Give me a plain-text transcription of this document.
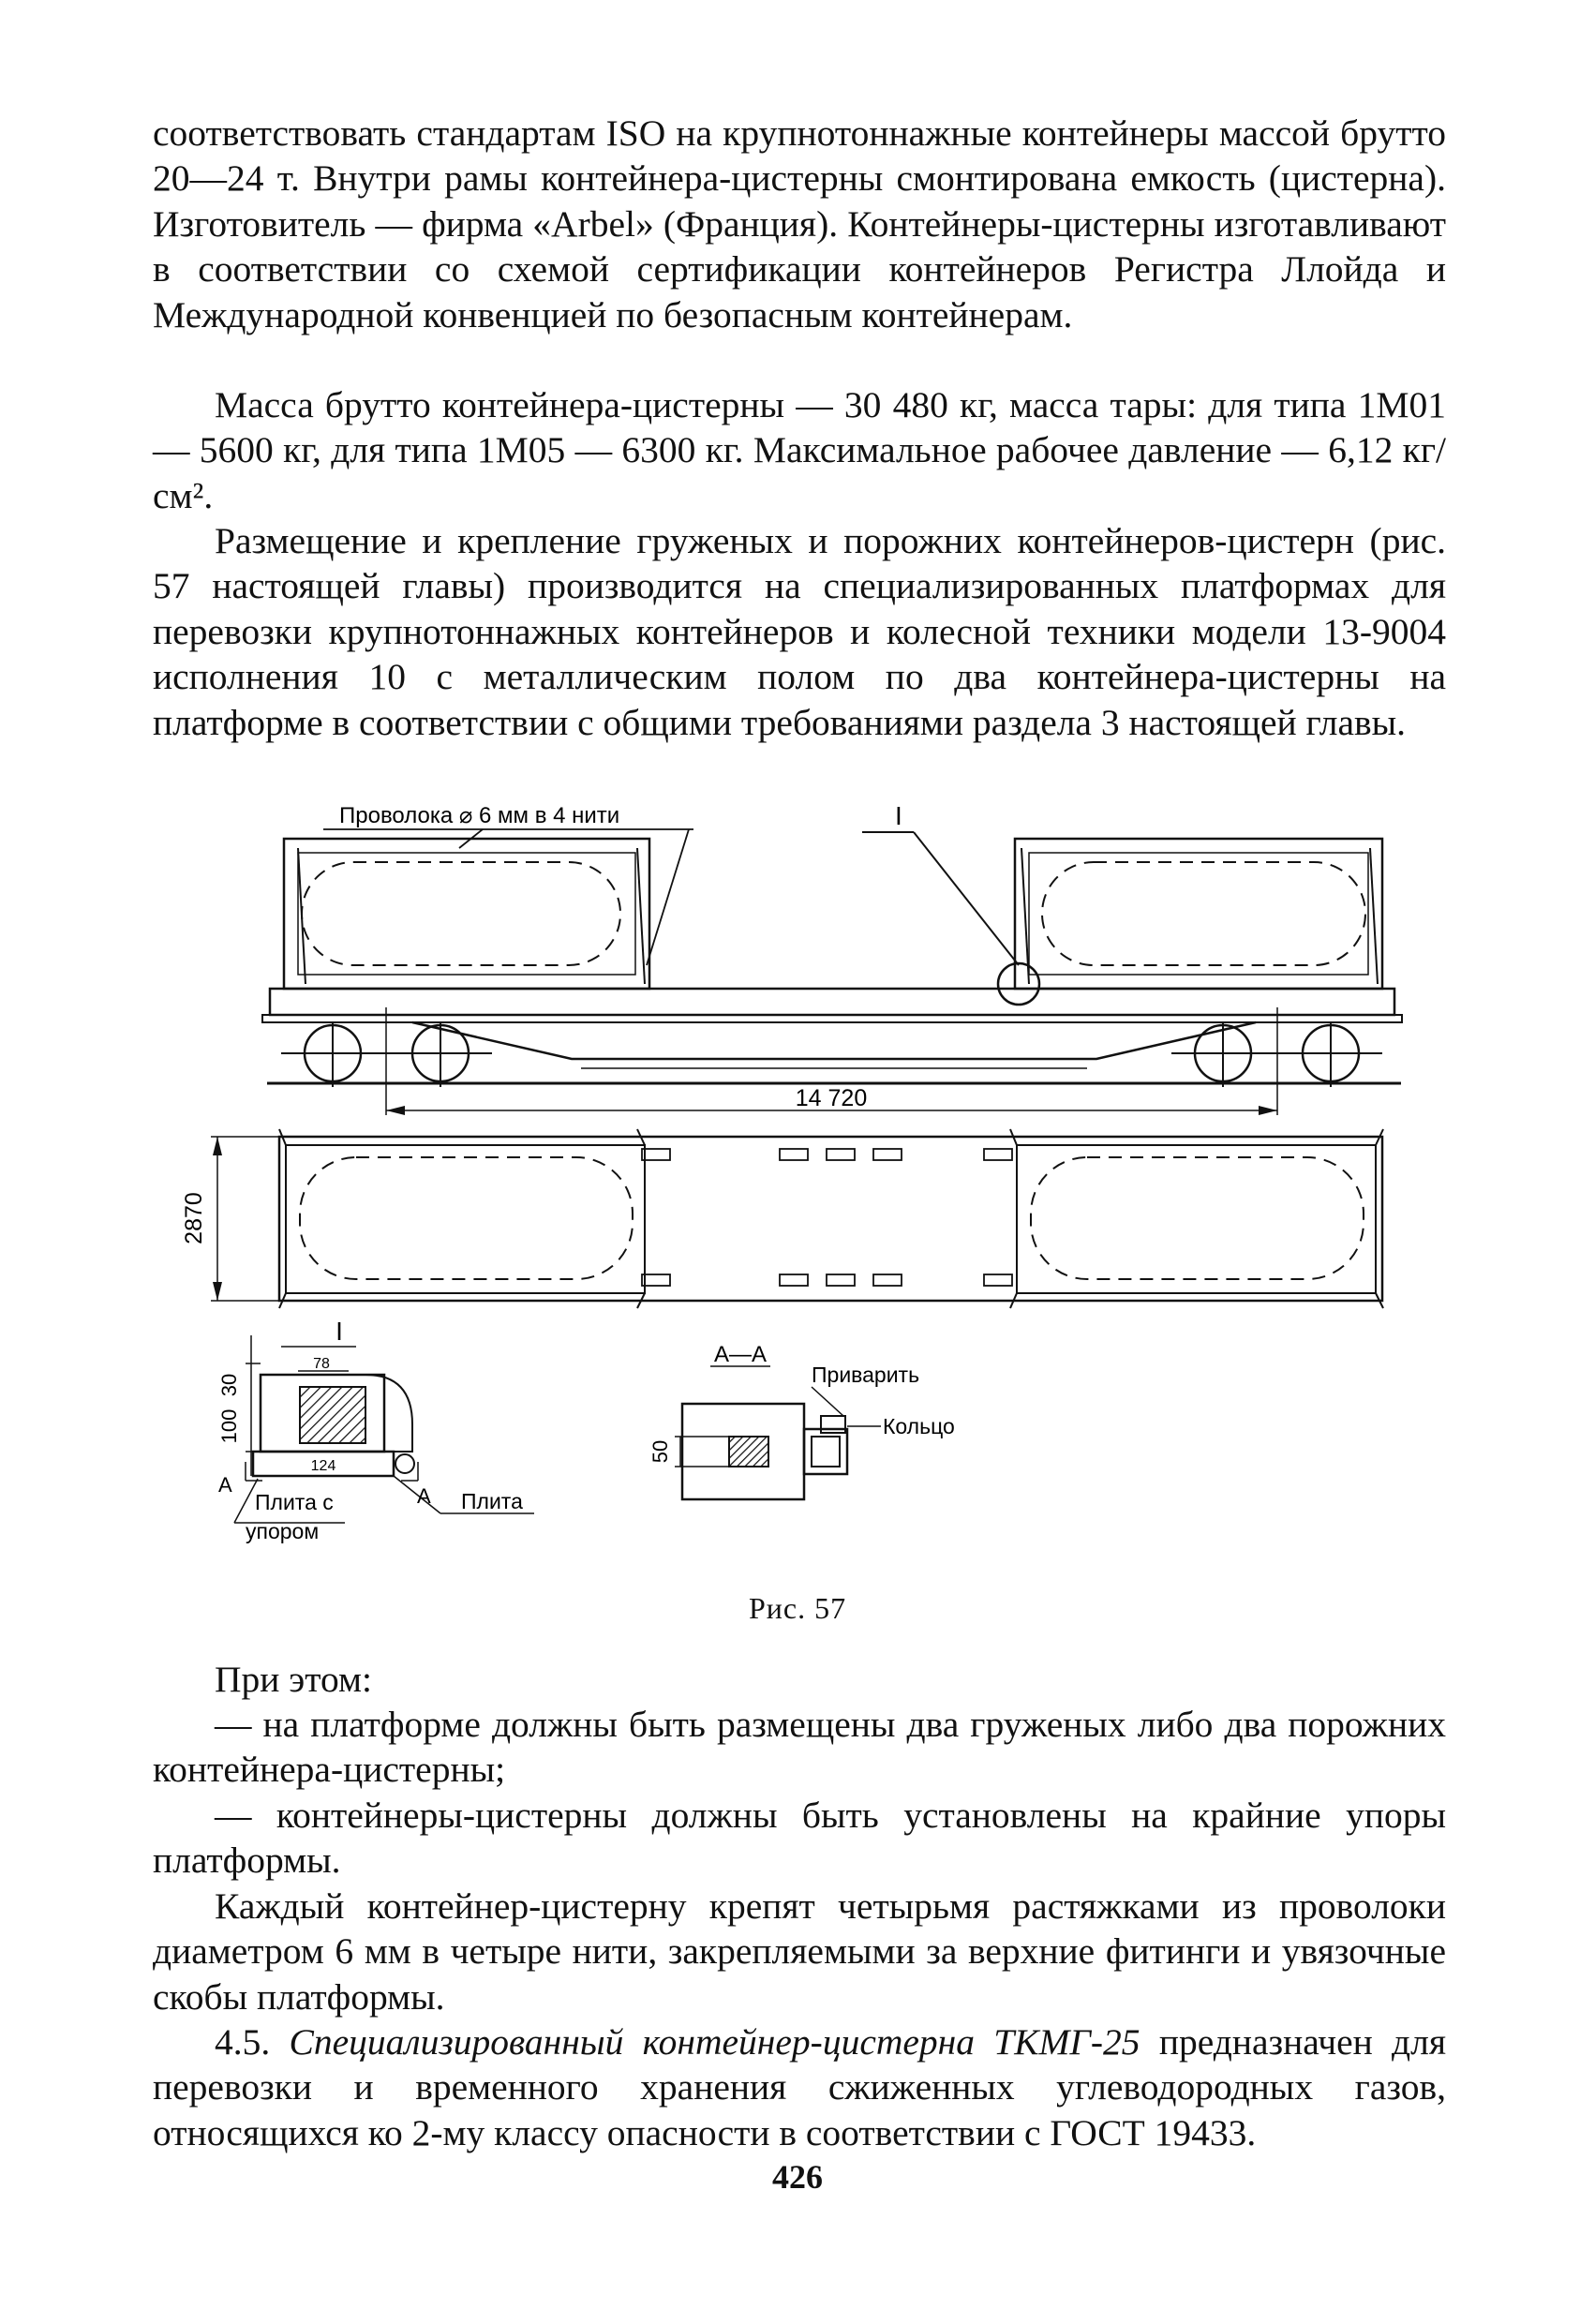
соответствовать стандартам ISO на крупнотоннажные контейнеры массой брутто 20—24 т. Внутри рамы контейнера-цистерны смонтирована емкость (цистерна). Изготовитель — фирма «Arbel» (Франция). Контейнеры-цистерны изготавливают в соответствии со схемой сертификации контейнеров Регистра Ллойда и Международной конвенцией по безопасным контейнерам.

Масса брутто контейнера-цистерны — 30 480 кг, масса тары: для типа 1М01 — 5600 кг, для типа 1М05 — 6300 кг. Максимальное рабочее давление — 6,12 кг/см².

Размещение и крепление груженых и порожних контейнеров-цистерн (рис. 57 настоящей главы) производится на специализированных платформах для перевозки крупнотоннажных контейнеров и колесной техники модели 13-9004 исполнения 10 с металлическим полом по два контейнера-цистерны на платформе в соответствии с общими требованиями раздела 3 настоящей главы.

Проволока ⌀ 6 мм в 4 нити	I
14 720
2870
I
30
100
78
124
A	A
Плита с
упором
Плита
А—А
Приварить
Кольцо
50
Рис. 57

При этом:

— на платформе должны быть размещены два груженых либо два порожних контейнера-цистерны;

— контейнеры-цистерны должны быть установлены на крайние упоры платформы.

Каждый контейнер-цистерну крепят четырьмя растяжками из проволоки диаметром 6 мм в четыре нити, закрепляемыми за верхние фитинги и увязочные скобы платформы.

4.5. Специализированный контейнер-цистерна ТКМГ-25 предназначен для перевозки и временного хранения сжиженных углеводородных газов, относящихся ко 2-му классу опасности в соответствии с ГОСТ 19433.

426
